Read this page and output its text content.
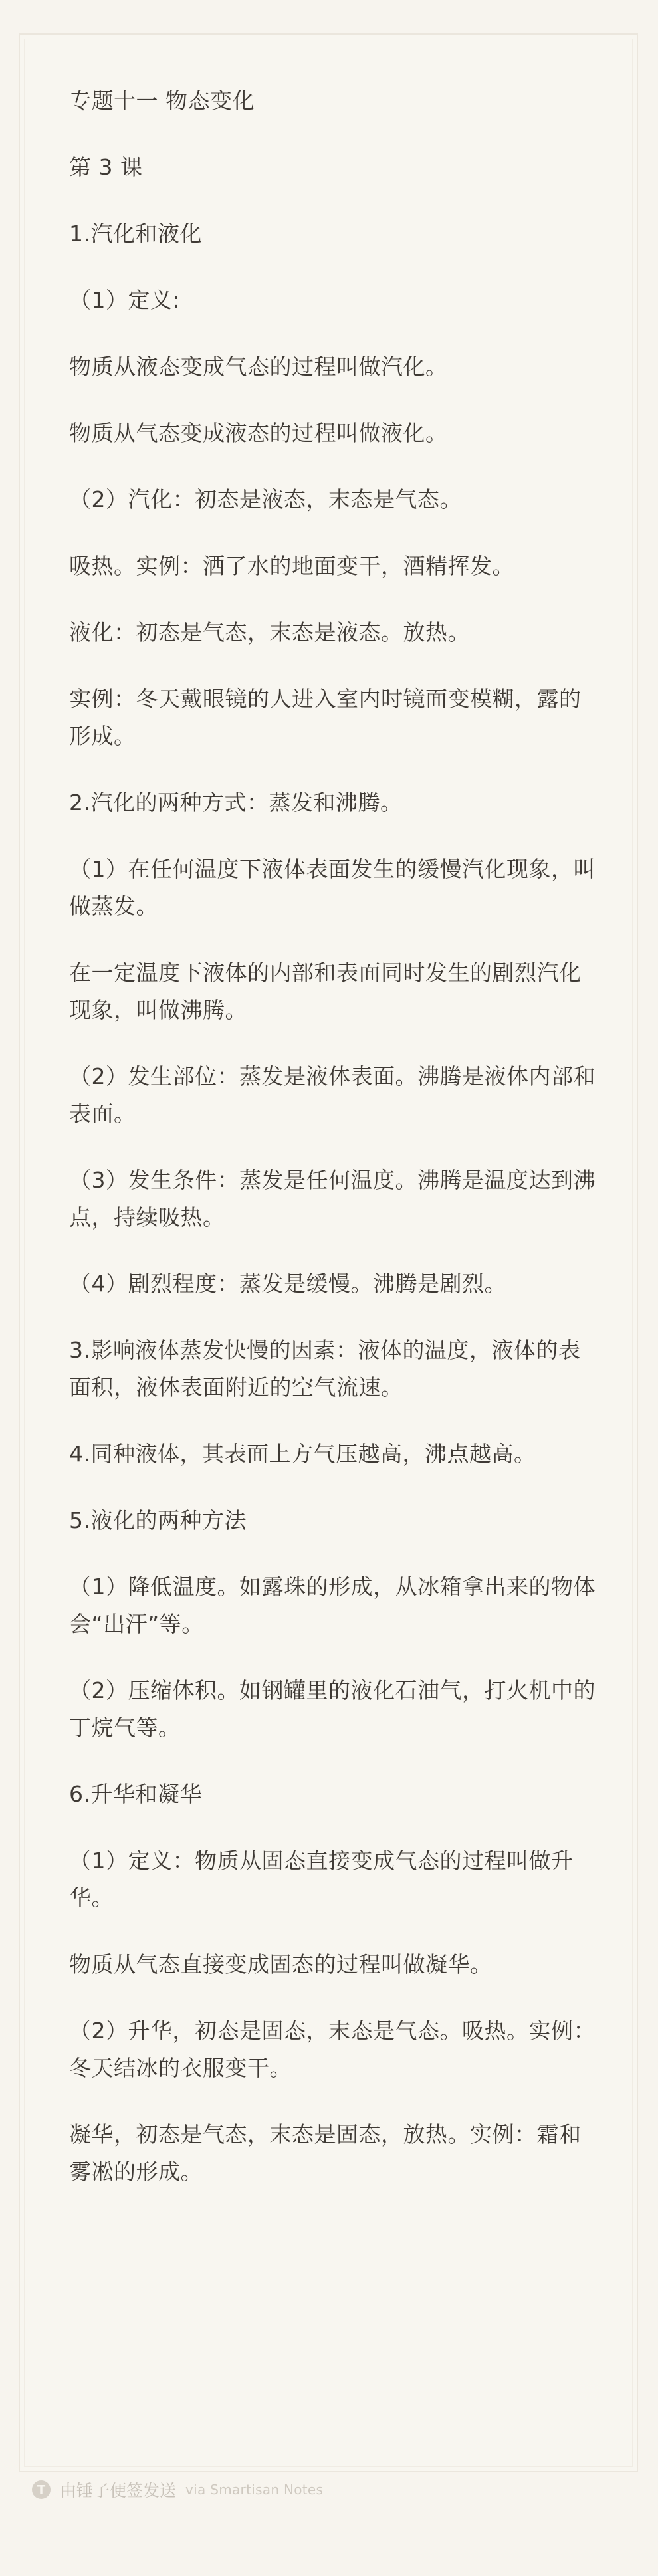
专题十一 物态变化

第 3 课

1.汽化和液化

（1）定义:

物质从液态变成气态的过程叫做汽化。

物质从气态变成液态的过程叫做液化。

（2）汽化：初态是液态，末态是气态。

吸热。实例：洒了水的地面变干，酒精挥发。

液化：初态是气态，末态是液态。放热。

实例：冬天戴眼镜的人进入室内时镜面变模糊，露的形成。

2.汽化的两种方式：蒸发和沸腾。

（1）在任何温度下液体表面发生的缓慢汽化现象，叫做蒸发。

在一定温度下液体的内部和表面同时发生的剧烈汽化现象，叫做沸腾。

（2）发生部位：蒸发是液体表面。沸腾是液体内部和表面。

（3）发生条件：蒸发是任何温度。沸腾是温度达到沸点，持续吸热。

（4）剧烈程度：蒸发是缓慢。沸腾是剧烈。

3.影响液体蒸发快慢的因素：液体的温度，液体的表面积，液体表面附近的空气流速。

4.同种液体，其表面上方气压越高，沸点越高。

5.液化的两种方法

（1）降低温度。如露珠的形成，从冰箱拿出来的物体会“出汗”等。

（2）压缩体积。如钢罐里的液化石油气，打火机中的丁烷气等。

6.升华和凝华

（1）定义：物质从固态直接变成气态的过程叫做升华。

物质从气态直接变成固态的过程叫做凝华。

（2）升华，初态是固态，末态是气态。吸热。实例：冬天结冰的衣服变干。

凝华，初态是气态，末态是固态，放热。实例：霜和雾凇的形成。

T 由锤子便签发送 via Smartisan Notes
